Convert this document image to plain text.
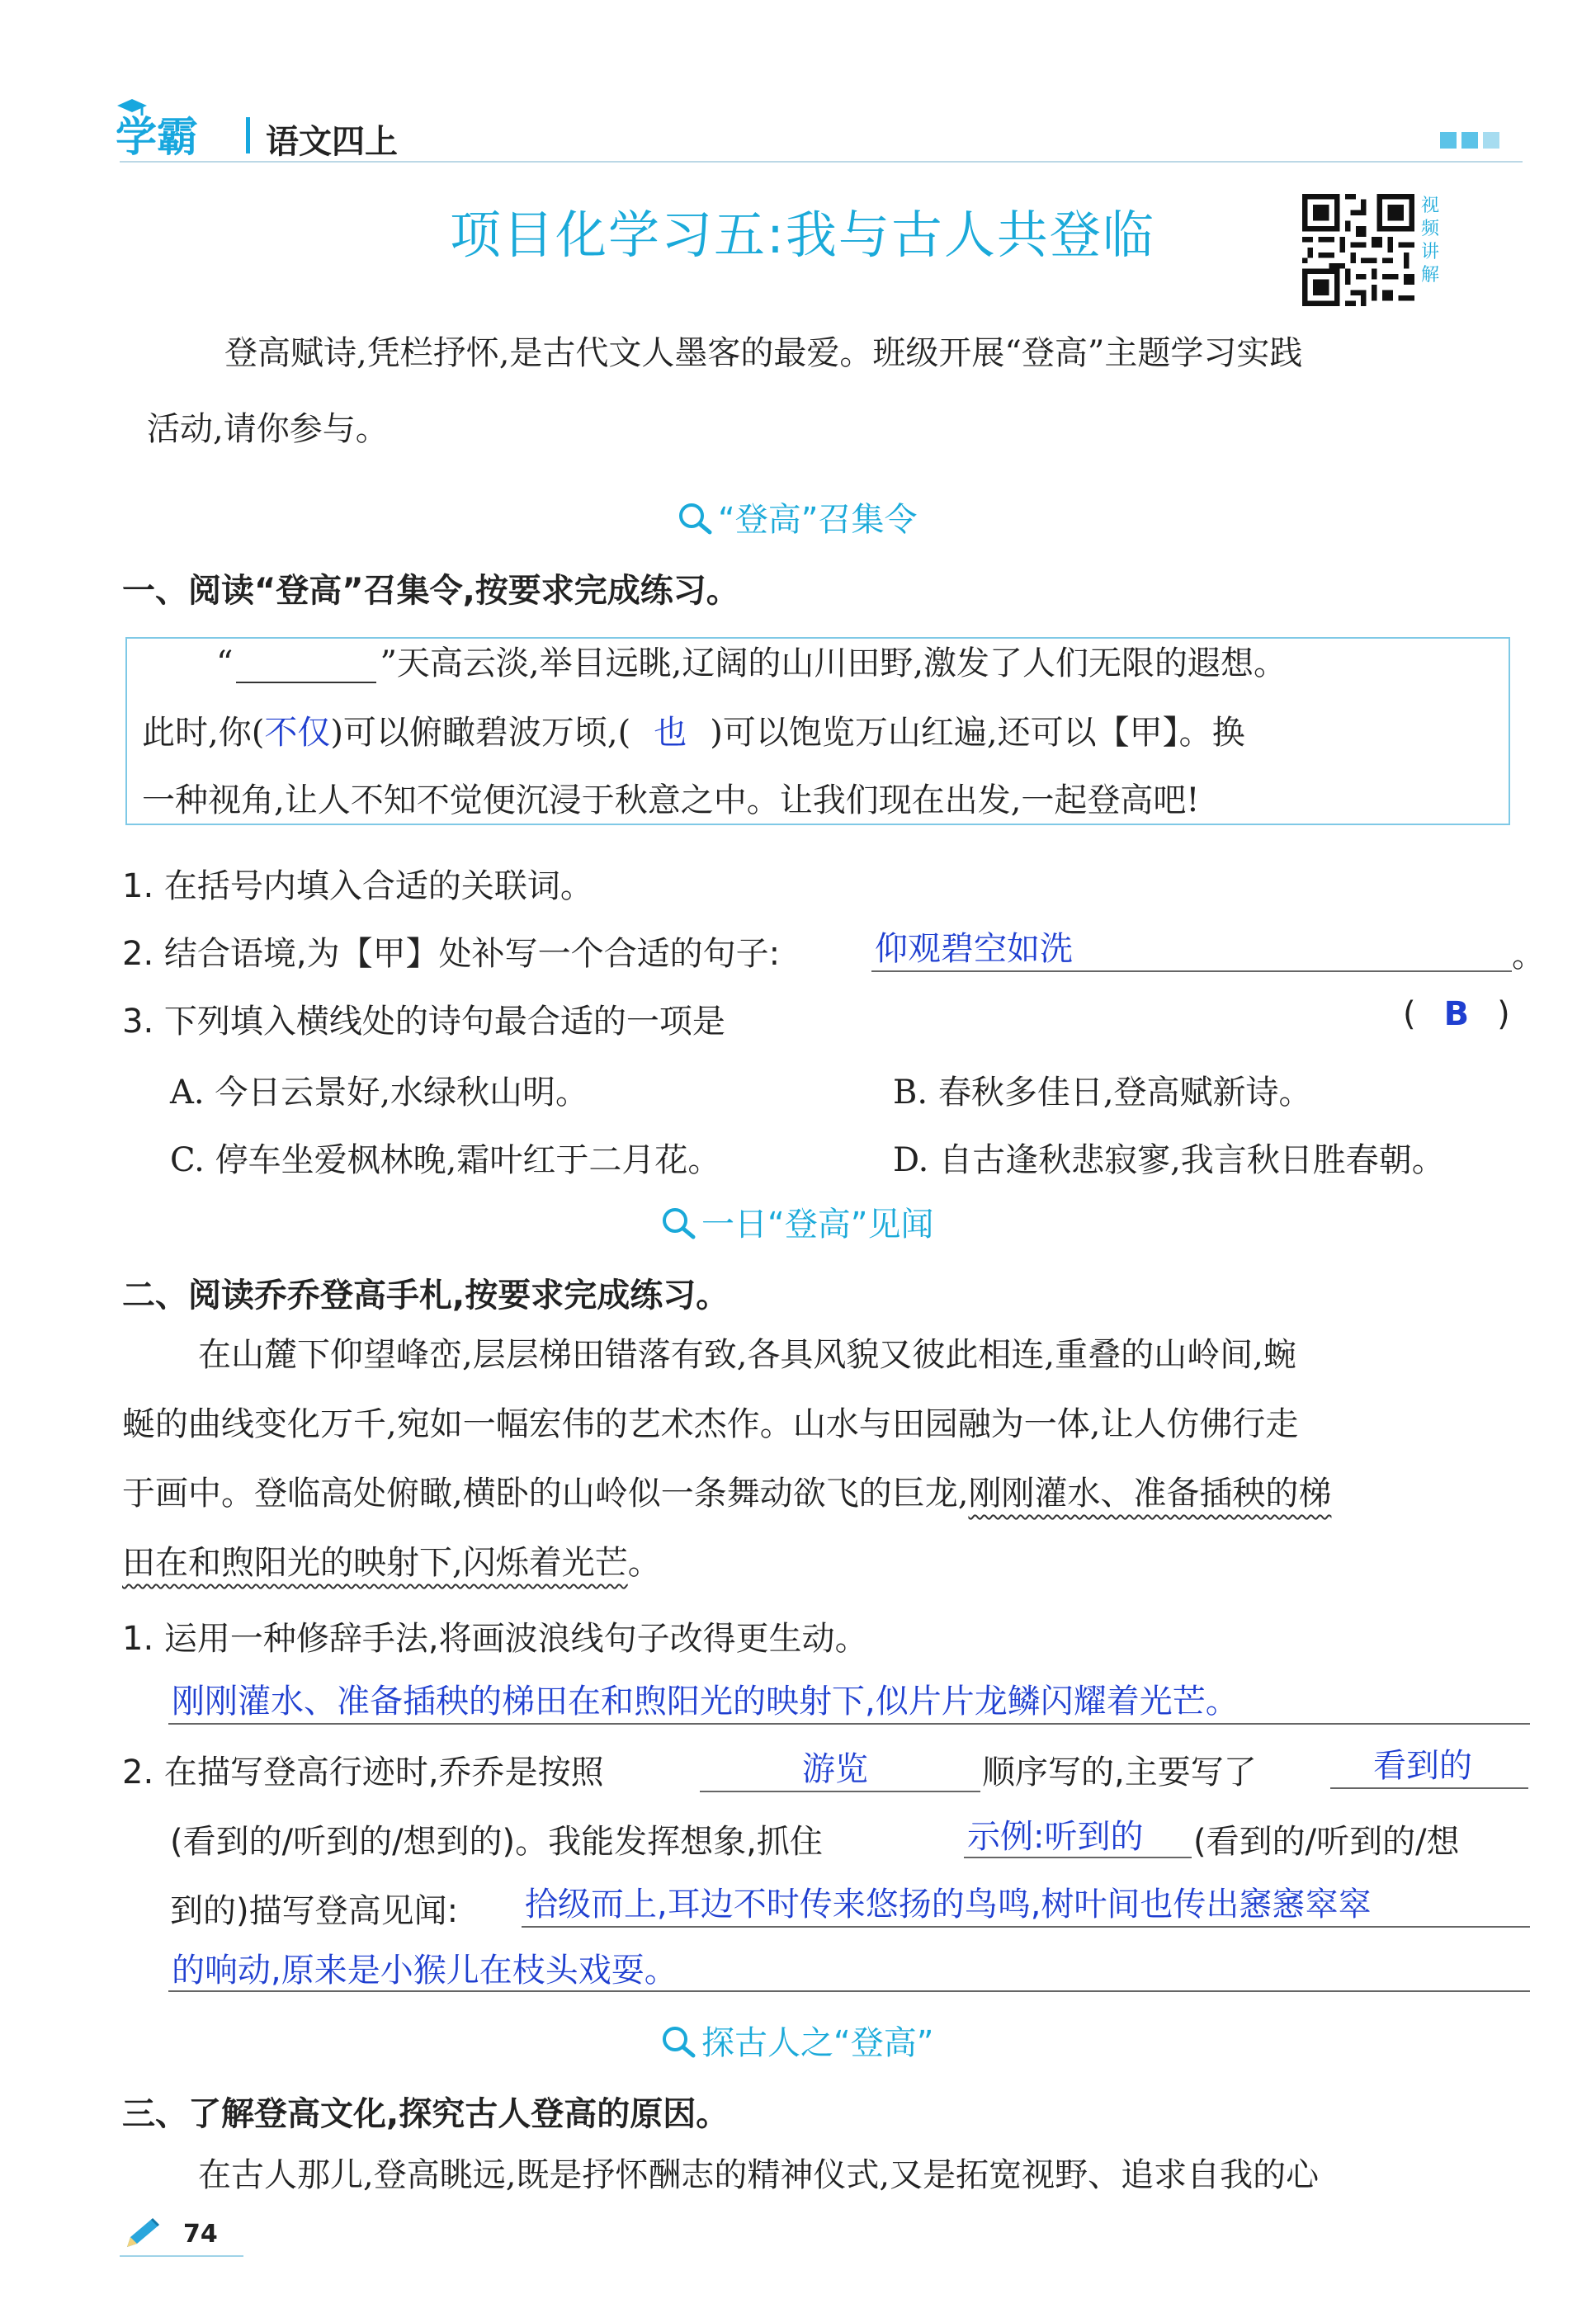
学霸 语文四上
项目化学习五:我与古人共登临	视频讲解
登高赋诗,凭栏抒怀,是古代文人墨客的最爱。班级开展“登高”主题学习实践
活动,请你参与。
“登高”召集令
一、阅读“登高”召集令,按要求完成练习。
“	”天高云淡,举目远眺,辽阔的山川田野,激发了人们无限的遐想。
此时,你(不仅)可以俯瞰碧波万顷,( 也 )可以饱览万山红遍,还可以【甲】。换
一种视角,让人不知不觉便沉浸于秋意之中。让我们现在出发,一起登高吧!
1. 在括号内填入合适的关联词。
2. 结合语境,为【甲】处补写一个合适的句子:	仰观碧空如洗	。
3. 下列填入横线处的诗句最合适的一项是	( B )
A. 今日云景好,水绿秋山明。	B. 春秋多佳日,登高赋新诗。
C. 停车坐爱枫林晚,霜叶红于二月花。	D. 自古逢秋悲寂寥,我言秋日胜春朝。
一日“登高”见闻
二、阅读乔乔登高手札,按要求完成练习。
在山麓下仰望峰峦,层层梯田错落有致,各具风貌又彼此相连,重叠的山岭间,蜿
蜒的曲线变化万千,宛如一幅宏伟的艺术杰作。山水与田园融为一体,让人仿佛行走
于画中。登临高处俯瞰,横卧的山岭似一条舞动欲飞的巨龙,刚刚灌水、准备插秧的梯
田在和煦阳光的映射下,闪烁着光芒。
1. 运用一种修辞手法,将画波浪线句子改得更生动。
刚刚灌水、准备插秧的梯田在和煦阳光的映射下,似片片龙鳞闪耀着光芒。
2. 在描写登高行迹时,乔乔是按照	游览	顺序写的,主要写了	看到的
(看到的/听到的/想到的)。我能发挥想象,抓住	示例:听到的 (看到的/听到的/想
到的)描写登高见闻: 拾级而上,耳边不时传来悠扬的鸟鸣,树叶间也传出窸窸窣窣
的响动,原来是小猴儿在枝头戏耍。
探古人之“登高”
三、了解登高文化,探究古人登高的原因。
在古人那儿,登高眺远,既是抒怀酬志的精神仪式,又是拓宽视野、追求自我的心
74
